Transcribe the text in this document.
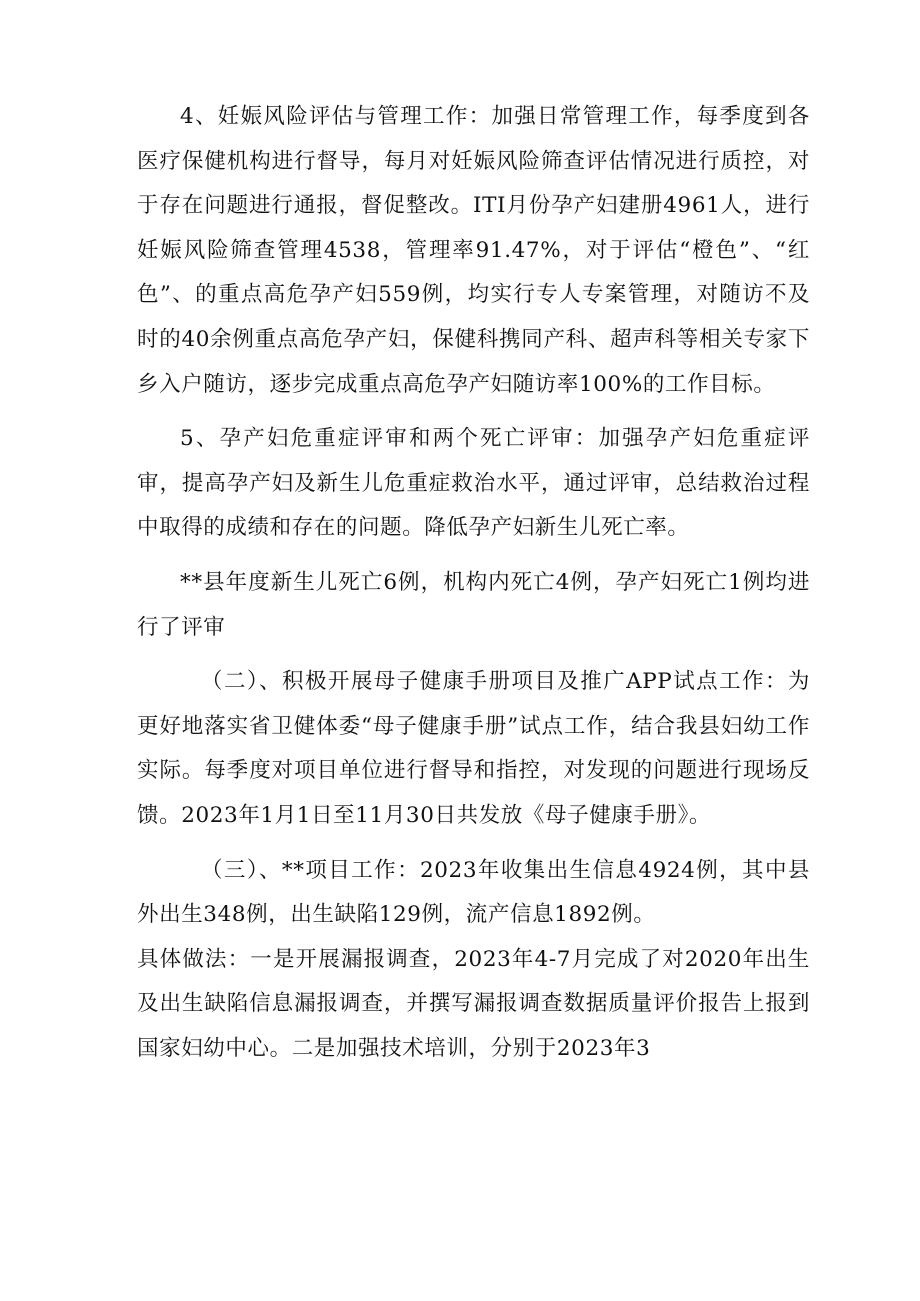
4、妊娠风险评估与管理工作：加强日常管理工作，每季度到各医疗保健机构进行督导，每月对妊娠风险筛查评估情况进行质控，对于存在问题进行通报，督促整改。ITI月份孕产妇建册4961人，进行妊娠风险筛查管理4538，管理率91.47%，对于评估“橙色”、“红色”、的重点高危孕产妇559例，均实行专人专案管理，对随访不及时的40余例重点高危孕产妇，保健科携同产科、超声科等相关专家下乡入户随访，逐步完成重点高危孕产妇随访率100%的工作目标。

5、孕产妇危重症评审和两个死亡评审：加强孕产妇危重症评审，提高孕产妇及新生儿危重症救治水平，通过评审，总结救治过程中取得的成绩和存在的问题。降低孕产妇新生儿死亡率。

**县年度新生儿死亡6例，机构内死亡4例，孕产妇死亡1例均进行了评审

（二）、积极开展母子健康手册项目及推广APP试点工作：为更好地落实省卫健体委“母子健康手册”试点工作，结合我县妇幼工作实际。每季度对项目单位进行督导和指控，对发现的问题进行现场反馈。2023年1月1日至11月30日共发放《母子健康手册》。

（三）、**项目工作：2023年收集出生信息4924例，其中县外出生348例，出生缺陷129例，流产信息1892例。

具体做法：一是开展漏报调查，2023年4-7月完成了对2020年出生及出生缺陷信息漏报调查，并撰写漏报调查数据质量评价报告上报到国家妇幼中心。二是加强技术培训，分别于2023年3
